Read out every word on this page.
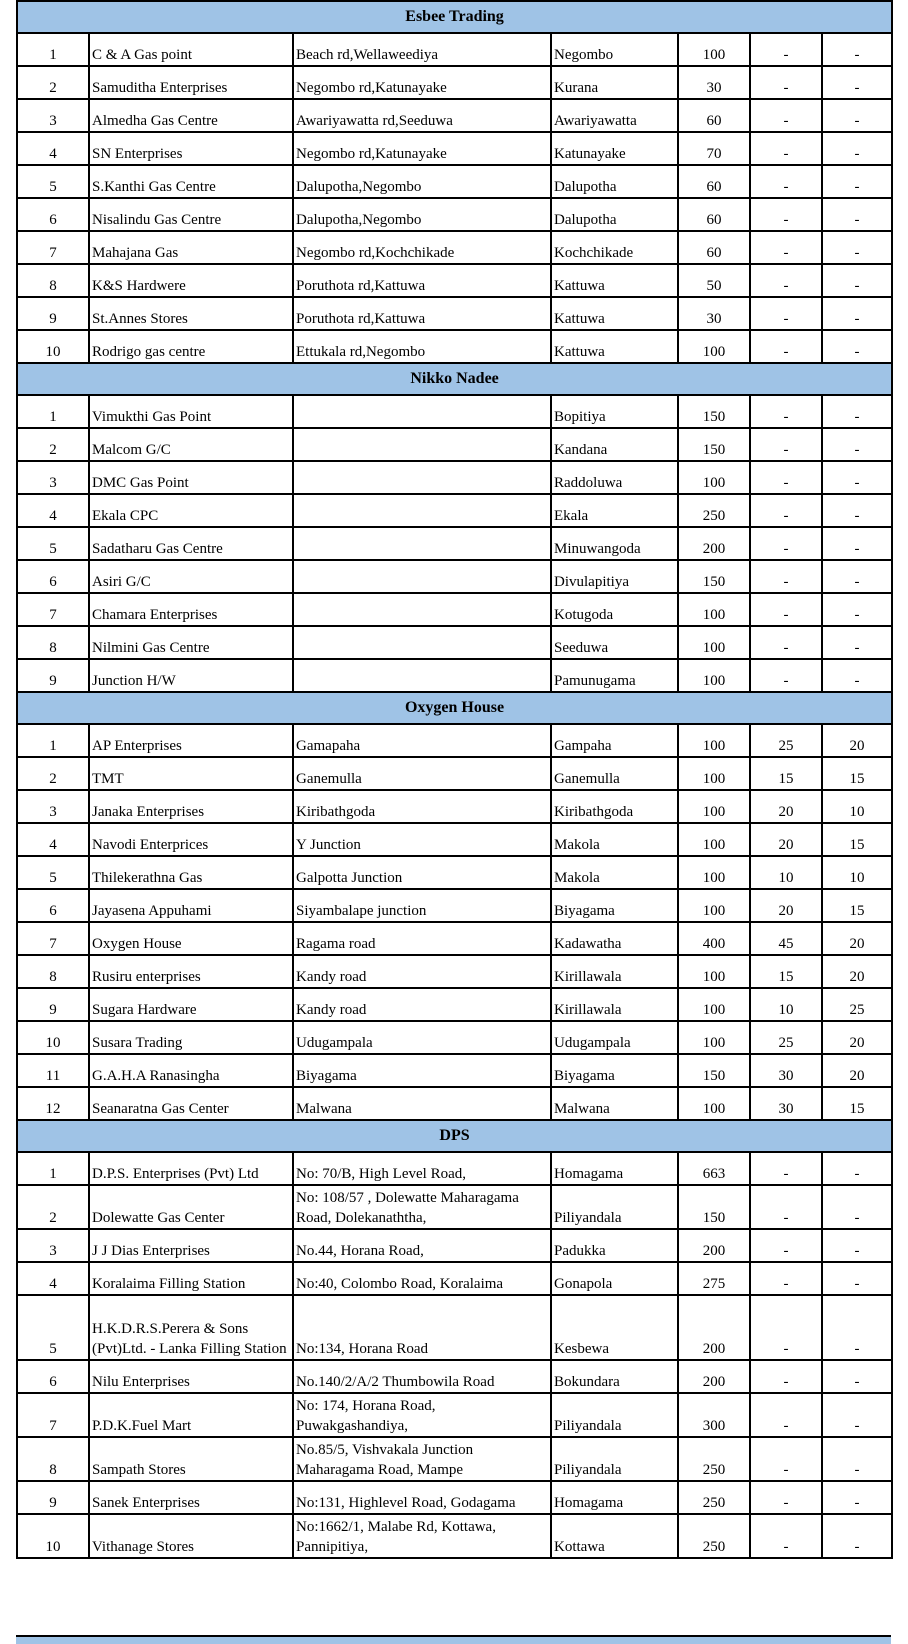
Esbee Trading						
1	C & A Gas point	Beach rd,Wellaweediya	Negombo	100	-	-
2	Samuditha Enterprises	Negombo rd,Katunayake	Kurana	30	-	-
3	Almedha Gas Centre	Awariyawatta rd,Seeduwa	Awariyawatta	60	-	-
4	SN Enterprises	Negombo rd,Katunayake	Katunayake	70	-	-
5	S.Kanthi Gas Centre	Dalupotha,Negombo	Dalupotha	60	-	-
6	Nisalindu Gas Centre	Dalupotha,Negombo	Dalupotha	60	-	-
7	Mahajana Gas	Negombo rd,Kochchikade	Kochchikade	60	-	-
8	K&S Hardwere	Poruthota rd,Kattuwa	Kattuwa	50	-	-
9	St.Annes Stores	Poruthota rd,Kattuwa	Kattuwa	30	-	-
10	Rodrigo gas centre	Ettukala rd,Negombo	Kattuwa	100	-	-
Nikko Nadee						
1	Vimukthi Gas Point		Bopitiya	150	-	-
2	Malcom G/C		Kandana	150	-	-
3	DMC Gas Point		Raddoluwa	100	-	-
4	Ekala CPC		Ekala	250	-	-
5	Sadatharu Gas Centre		Minuwangoda	200	-	-
6	Asiri G/C		Divulapitiya	150	-	-
7	Chamara Enterprises		Kotugoda	100	-	-
8	Nilmini Gas Centre		Seeduwa	100	-	-
9	Junction H/W		Pamunugama	100	-	-
Oxygen House						
1	AP Enterprises	Gamapaha	Gampaha	100	25	20
2	TMT	Ganemulla	Ganemulla	100	15	15
3	Janaka Enterprises	Kiribathgoda	Kiribathgoda	100	20	10
4	Navodi Enterprices	Y Junction	Makola	100	20	15
5	Thilekerathna Gas	Galpotta Junction	Makola	100	10	10
6	Jayasena Appuhami	Siyambalape junction	Biyagama	100	20	15
7	Oxygen House	Ragama road	Kadawatha	400	45	20
8	Rusiru enterprises	Kandy road	Kirillawala	100	15	20
9	Sugara Hardware	Kandy road	Kirillawala	100	10	25
10	Susara Trading	Udugampala	Udugampala	100	25	20
11	G.A.H.A Ranasingha	Biyagama	Biyagama	150	30	20
12	Seanaratna Gas Center	Malwana	Malwana	100	30	15
DPS						
1	D.P.S. Enterprises (Pvt) Ltd	No: 70/B, High Level Road,	Homagama	663	-	-
2	Dolewatte Gas Center	No: 108/57 , Dolewatte Maharagama Road, Dolekanaththa,	Piliyandala	150	-	-
3	J J Dias Enterprises	No.44, Horana Road,	Padukka	200	-	-
4	Koralaima Filling Station	No:40, Colombo Road, Koralaima	Gonapola	275	-	-
5	H.K.D.R.S.Perera & Sons (Pvt)Ltd. - Lanka Filling Station	No:134, Horana Road	Kesbewa	200	-	-
6	Nilu Enterprises	No.140/2/A/2 Thumbowila Road	Bokundara	200	-	-
7	P.D.K.Fuel Mart	No: 174, Horana Road, Puwakgashandiya,	Piliyandala	300	-	-
8	Sampath Stores	No.85/5, Vishvakala Junction Maharagama Road, Mampe	Piliyandala	250	-	-
9	Sanek Enterprises	No:131, Highlevel Road, Godagama	Homagama	250	-	-
10	Vithanage Stores	No:1662/1, Malabe Rd, Kottawa, Pannipitiya,	Kottawa	250	-	-
